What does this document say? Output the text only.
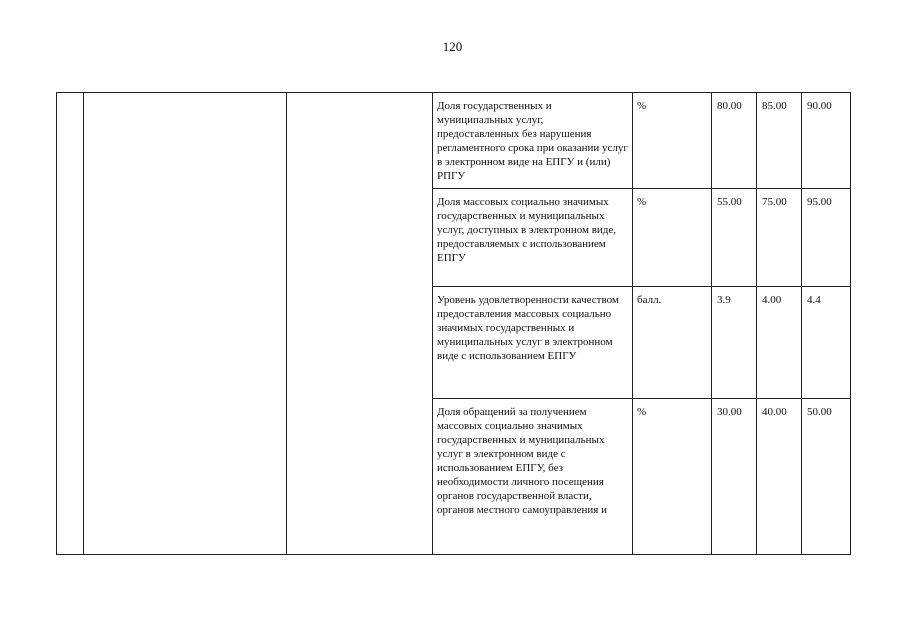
120
			Доля государственных и муниципальных услуг, предоставленных без нарушения регламентного срока при оказании услуг в электронном виде на ЕПГУ и (или) РПГУ	%	80.00	85.00	90.00
			Доля массовых социально значимых государственных и муниципальных услуг, доступных в электронном виде, предоставляемых с использованием ЕПГУ	%	55.00	75.00	95.00
			Уровень удовлетворенности качеством предоставления массовых социально значимых государственных и муниципальных услуг в электронном виде с использованием ЕПГУ	балл.	3.9	4.00	4.4
			Доля обращений за получением массовых социально значимых государственных и муниципальных услуг в электронном виде с использованием ЕПГУ, без необходимости личного посещения органов государственной власти, органов местного самоуправления и	%	30.00	40.00	50.00
